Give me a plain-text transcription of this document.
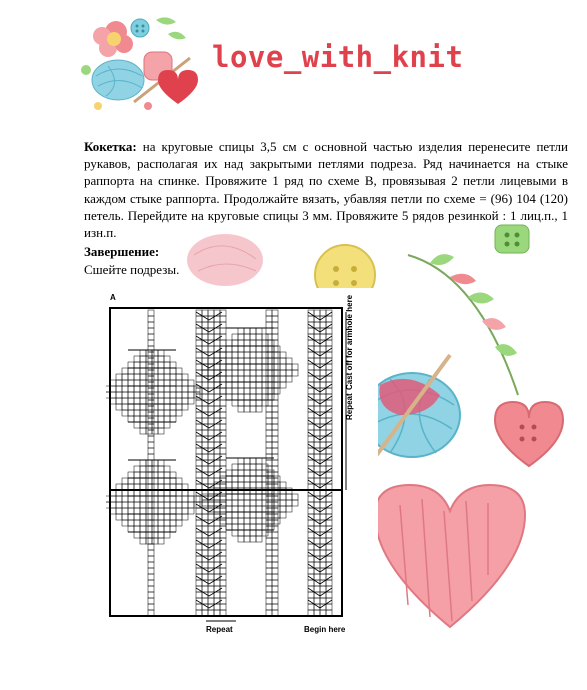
love_with_knit
Кокетка: на круговые спицы 3,5 см с основной частью изделия перенесите петли рукавов, располагая их над закрытыми петлями подреза. Ряд начинается на стыке раппорта на спинке. Провяжите 1 ряд по схеме В, провязывая 2 петли лицевыми в каждом стыке раппорта. Продолжайте вязать, убавляя петли по схеме = (96) 104 (120) петель. Перейдите на круговые спицы 3 мм. Провяжите 5 рядов резинкой : 1 лиц.п., 1 изн.п.
Завершение:
Сшейте подрезы.
A
Repeat
Cast off for armhole here
Repeat	Begin here
